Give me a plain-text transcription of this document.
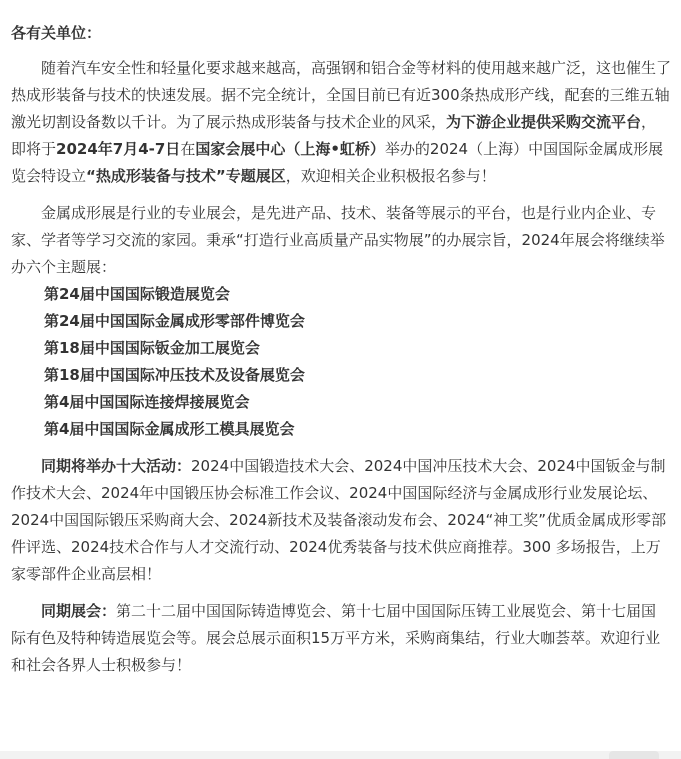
各有关单位：

随着汽车安全性和轻量化要求越来越高，高强钢和铝合金等材料的使用越来越广泛，这也催生了热成形装备与技术的快速发展。据不完全统计，全国目前已有近300条热成形产线，配套的三维五轴激光切割设备数以千计。为了展示热成形装备与技术企业的风采，为下游企业提供采购交流平台，即将于2024年7月4-7日在国家会展中心（上海•虹桥）举办的2024（上海）中国国际金属成形展览会特设立“热成形装备与技术”专题展区，欢迎相关企业积极报名参与！

金属成形展是行业的专业展会，是先进产品、技术、装备等展示的平台，也是行业内企业、专家、学者等学习交流的家园。秉承“打造行业高质量产品实物展”的办展宗旨，2024年展会将继续举办六个主题展：

第24届中国国际锻造展览会
第24届中国国际金属成形零部件博览会
第18届中国国际钣金加工展览会
第18届中国国际冲压技术及设备展览会
第4届中国国际连接焊接展览会
第4届中国国际金属成形工模具展览会

同期将举办十大活动：2024中国锻造技术大会、2024中国冲压技术大会、2024中国钣金与制作技术大会、2024年中国锻压协会标准工作会议、2024中国国际经济与金属成形行业发展论坛、2024中国国际锻压采购商大会、2024新技术及装备滚动发布会、2024“神工奖”优质金属成形零部件评选、2024技术合作与人才交流行动、2024优秀装备与技术供应商推荐。300 多场报告，上万家零部件企业高层相！

同期展会：第二十二届中国国际铸造博览会、第十七届中国国际压铸工业展览会、第十七届国际有色及特种铸造展览会等。展会总展示面积15万平方米，采购商集结，行业大咖荟萃。欢迎行业和社会各界人士积极参与！
